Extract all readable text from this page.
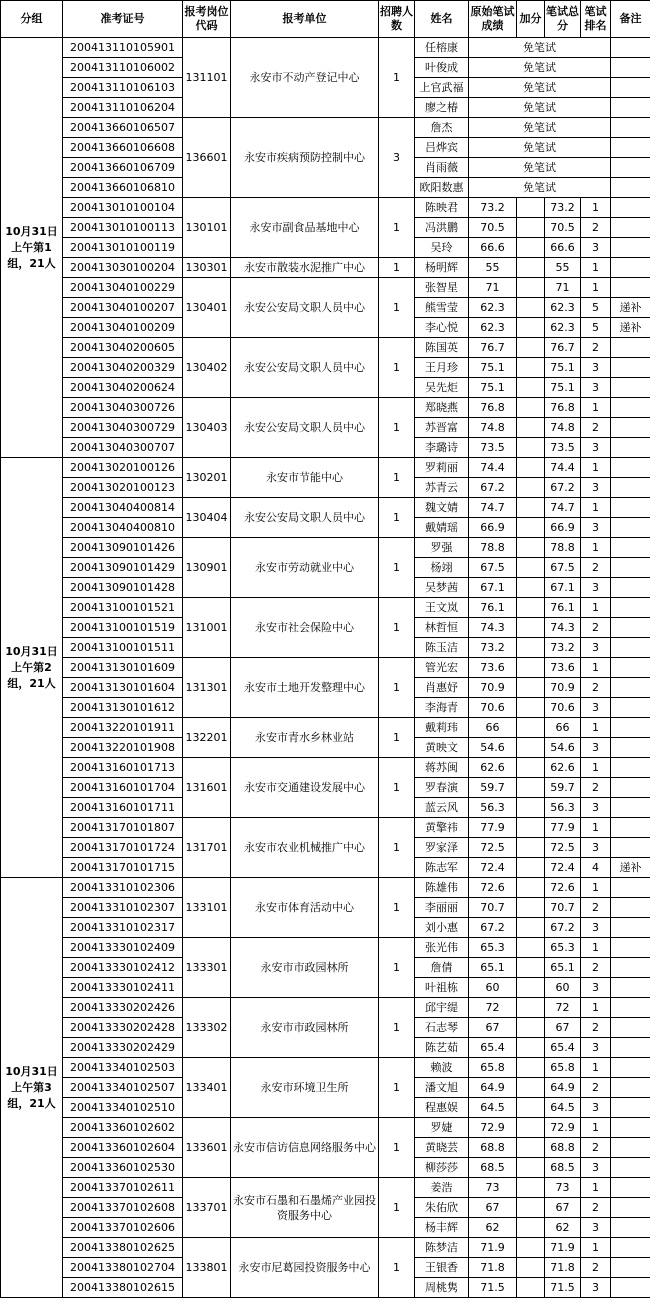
分组	准考证号	报考岗位代码	报考单位	招聘人数	姓名	原始笔试成绩	加分	笔试总分	笔试排名	备注
10月31日上午第1组，21人	200413110105901	131101	永安市不动产登记中心	1	任榕康	免笔试				
	200413110106002				叶俊成	免笔试				
	200413110106103				上官武福	免笔试				
	200413110106204				廖之椿	免笔试				
	200413660106507	136601	永安市疾病预防控制中心	3	詹杰	免笔试				
	200413660106608				吕烨宾	免笔试				
	200413660106709				肖雨薇	免笔试				
	200413660106810				欧阳数惠	免笔试				
	200413010100104	130101	永安市副食品基地中心	1	陈映君	73.2		73.2	1	
	200413010100113				冯洪鹏	70.5		70.5	2	
	200413010100119				吴玲	66.6		66.6	3	
	200413030100204	130301	永安市散装水泥推广中心	1	杨明辉	55		55	1	
	200413040100229	130401	永安公安局文职人员中心	1	张智星	71		71	1	
	200413040100207				熊雪莹	62.3		62.3	5	递补
	200413040100209				李心悦	62.3		62.3	5	递补
	200413040200605	130402	永安公安局文职人员中心	1	陈国英	76.7		76.7	2	
	200413040200329				王月珍	75.1		75.1	3	
	200413040200624				吴先炬	75.1		75.1	3	
	200413040300726	130403	永安公安局文职人员中心	1	郑晓燕	76.8		76.8	1	
	200413040300729				苏晋富	74.8		74.8	2	
	200413040300707				李璐诗	73.5		73.5	3	
10月31日上午第2组，21人	200413020100126	130201	永安市节能中心	1	罗莉丽	74.4		74.4	1	
	200413020100123				苏青云	67.2		67.2	3	
	200413040400814	130404	永安公安局文职人员中心	1	魏文婧	74.7		74.7	1	
	200413040400810				戴婧瑶	66.9		66.9	3	
	200413090101426	130901	永安市劳动就业中心	1	罗强	78.8		78.8	1	
	200413090101429				杨翊	67.5		67.5	2	
	200413090101428				吴梦茜	67.1		67.1	3	
	200413100101521	131001	永安市社会保险中心	1	王文岚	76.1		76.1	1	
	200413100101519				林哲恒	74.3		74.3	2	
	200413100101511				陈玉洁	73.2		73.2	3	
	200413130101609	131301	永安市土地开发整理中心	1	管光宏	73.6		73.6	1	
	200413130101604				肖惠妤	70.9		70.9	2	
	200413130101612				李海青	70.6		70.6	3	
	200413220101911	132201	永安市青水乡林业站	1	戴莉玮	66		66	1	
	200413220101908				黄映文	54.6		54.6	3	
	200413160101713	131601	永安市交通建设发展中心	1	蒋苏闽	62.6		62.6	1	
	200413160101704				罗春演	59.7		59.7	2	
	200413160101711				蓝云风	56.3		56.3	3	
	200413170101807	131701	永安市农业机械推广中心	1	黄擎祎	77.9		77.9	1	
	200413170101724				罗家泽	72.5		72.5	3	
	200413170101715				陈志军	72.4		72.4	4	递补
10月31日上午第3组，21人	200413310102306	133101	永安市体育活动中心	1	陈雄伟	72.6		72.6	1	
	200413310102307				李丽丽	70.7		70.7	2	
	200413310102317				刘小惠	67.2		67.2	3	
	200413330102409	133301	永安市市政园林所	1	张光伟	65.3		65.3	1	
	200413330102412				詹倩	65.1		65.1	2	
	200413330102411				叶祖栋	60		60	3	
	200413330202426	133302	永安市市政园林所	1	邱宇缇	72		72	1	
	200413330202428				石志琴	67		67	2	
	200413330202429				陈艺茹	65.4		65.4	3	
	200413340102503	133401	永安市环境卫生所	1	赖波	65.8		65.8	1	
	200413340102507				潘文旭	64.9		64.9	2	
	200413340102510				程惠娱	64.5		64.5	3	
	200413360102602	133601	永安市信访信息网络服务中心	1	罗婕	72.9		72.9	1	
	200413360102604				黄晓芸	68.8		68.8	2	
	200413360102530				柳莎莎	68.5		68.5	3	
	200413370102611	133701	永安市石墨和石墨烯产业园投资服务中心	1	姜浩	73		73	1	
	200413370102608				朱佑欣	67		67	2	
	200413370102606				杨丰辉	62		62	3	
	200413380102625	133801	永安市尼葛园投资服务中心	1	陈梦洁	71.9		71.9	1	
	200413380102704				王银香	71.8		71.8	2	
	200413380102615				周桃隽	71.5		71.5	3	
